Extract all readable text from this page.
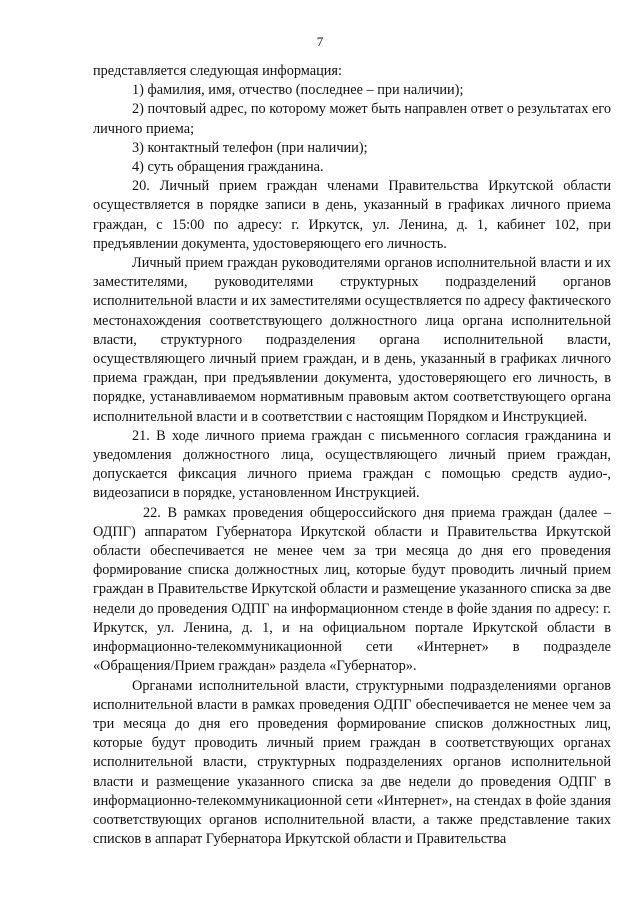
7

представляется следующая информация:

1) фамилия, имя, отчество (последнее – при наличии);

2) почтовый адрес, по которому может быть направлен ответ о результатах его личного приема;

3) контактный телефон (при наличии);

4) суть обращения гражданина.

20. Личный прием граждан членами Правительства Иркутской области осуществляется в порядке записи в день, указанный в графиках личного приема граждан, с 15:00 по адресу: г. Иркутск, ул. Ленина, д. 1, кабинет 102, при предъявлении документа, удостоверяющего его личность.

Личный прием граждан руководителями органов исполнительной власти и их заместителями, руководителями структурных подразделений органов исполнительной власти и их заместителями осуществляется по адресу фактического местонахождения соответствующего должностного лица органа исполнительной власти, структурного подразделения органа исполнительной власти, осуществляющего личный прием граждан, и в день, указанный в графиках личного приема граждан, при предъявлении документа, удостоверяющего его личность, в порядке, устанавливаемом нормативным правовым актом соответствующего органа исполнительной власти и в соответствии с настоящим Порядком и Инструкцией.

21. В ходе личного приема граждан с письменного согласия гражданина и уведомления должностного лица, осуществляющего личный прием граждан, допускается фиксация личного приема граждан с помощью средств аудио-, видеозаписи в порядке, установленном Инструкцией.

22. В рамках проведения общероссийского дня приема граждан (далее – ОДПГ) аппаратом Губернатора Иркутской области и Правительства Иркутской области обеспечивается не менее чем за три месяца до дня его проведения формирование списка должностных лиц, которые будут проводить личный прием граждан в Правительстве Иркутской области и размещение указанного списка за две недели до проведения ОДПГ на информационном стенде в фойе здания по адресу: г. Иркутск, ул. Ленина, д. 1, и на официальном портале Иркутской области в информационно-телекоммуникационной сети «Интернет» в подразделе «Обращения/Прием граждан» раздела «Губернатор».

Органами исполнительной власти, структурными подразделениями органов исполнительной власти в рамках проведения ОДПГ обеспечивается не менее чем за три месяца до дня его проведения формирование списков должностных лиц, которые будут проводить личный прием граждан в соответствующих органах исполнительной власти, структурных подразделениях органов исполнительной власти и размещение указанного списка за две недели до проведения ОДПГ в информационно-телекоммуникационной сети «Интернет», на стендах в фойе здания соответствующих органов исполнительной власти, а также представление таких списков в аппарат Губернатора Иркутской области и Правительства
